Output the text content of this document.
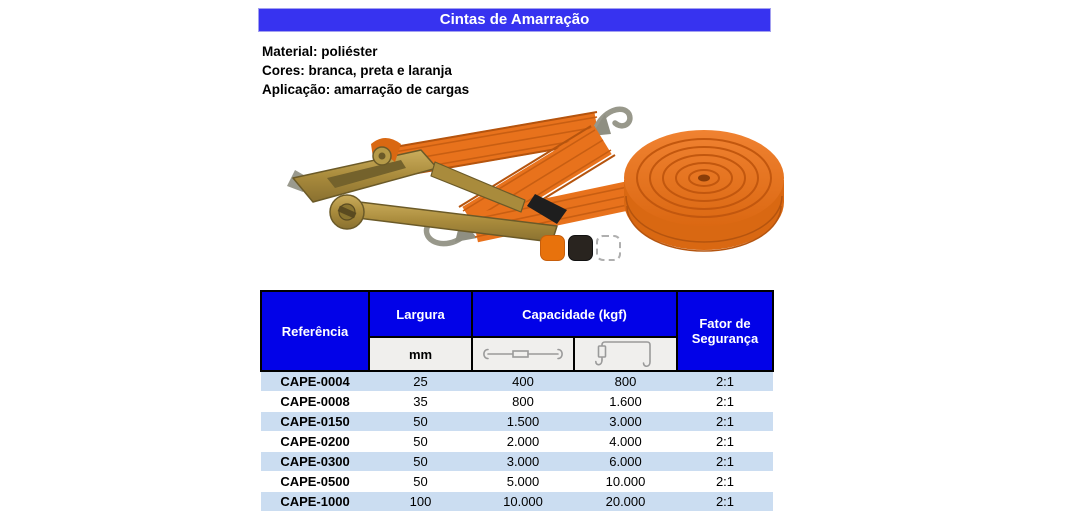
Cintas de Amarração
Material: poliéster
Cores: branca, preta e laranja
Aplicação: amarração de cargas
Referência	Largura	Capacidade (kgf)		Fator de Segurança
	mm	

CAPE-0004	25	400	800	2:1
CAPE-0008	35	800	1.600	2:1
CAPE-0150	50	1.500	3.000	2:1
CAPE-0200	50	2.000	4.000	2:1
CAPE-0300	50	3.000	6.000	2:1
CAPE-0500	50	5.000	10.000	2:1
CAPE-1000	100	10.000	20.000	2:1
